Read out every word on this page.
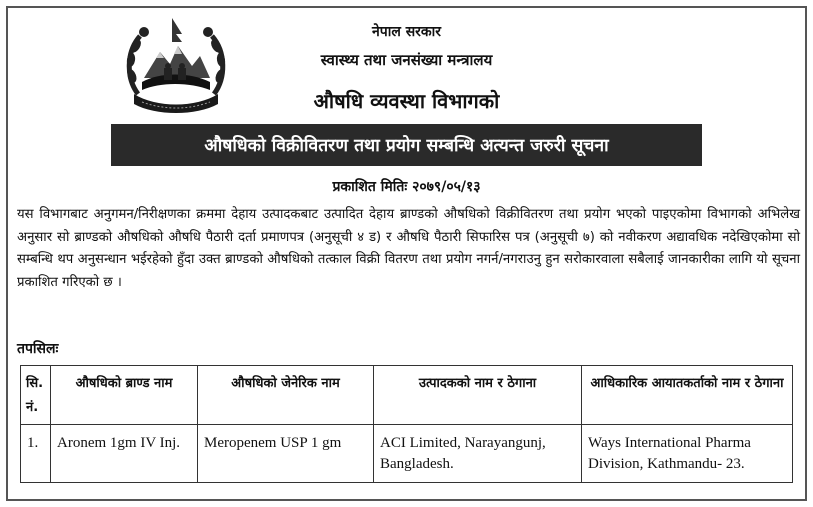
नेपाल सरकार
स्वास्थ्य तथा जनसंख्या मन्त्रालय
औषधि व्यवस्था विभागको
औषधिको विक्रीवितरण तथा प्रयोग सम्बन्धि अत्यन्त जरुरी सूचना
प्रकाशित मितिः २०७९/०५/१३

यस विभागबाट अनुगमन/निरीक्षणका क्रममा देहाय उत्पादकबाट उत्पादित देहाय ब्राण्डको औषधिको विक्रीवितरण तथा प्रयोग भएको पाइएकोमा विभागको अभिलेख अनुसार सो ब्राण्डको औषधिको औषधि पैठारी दर्ता प्रमाणपत्र (अनुसूची ४ ड) र औषधि पैठारी सिफारिस पत्र (अनुसूची ७) को नवीकरण अद्यावधिक नदेखिएकोमा सो सम्बन्धि थप अनुसन्धान भईरहेको हुँदा उक्त ब्राण्डको औषधिको तत्काल विक्री वितरण तथा प्रयोग नगर्न/नगराउनु हुन सरोकारवाला सबैलाई जानकारीका लागि यो सूचना प्रकाशित गरिएको छ ।

तपसिलः
सि. नं.	औषधिको ब्राण्ड नाम	औषधिको जेनेरिक नाम	उत्पादकको नाम र ठेगाना	आधिकारिक आयातकर्ताको नाम र ठेगाना
1.	Aronem 1gm IV Inj.	Meropenem USP 1 gm	ACI Limited, Narayangunj, Bangladesh.	Ways International Pharma Division, Kathmandu- 23.
